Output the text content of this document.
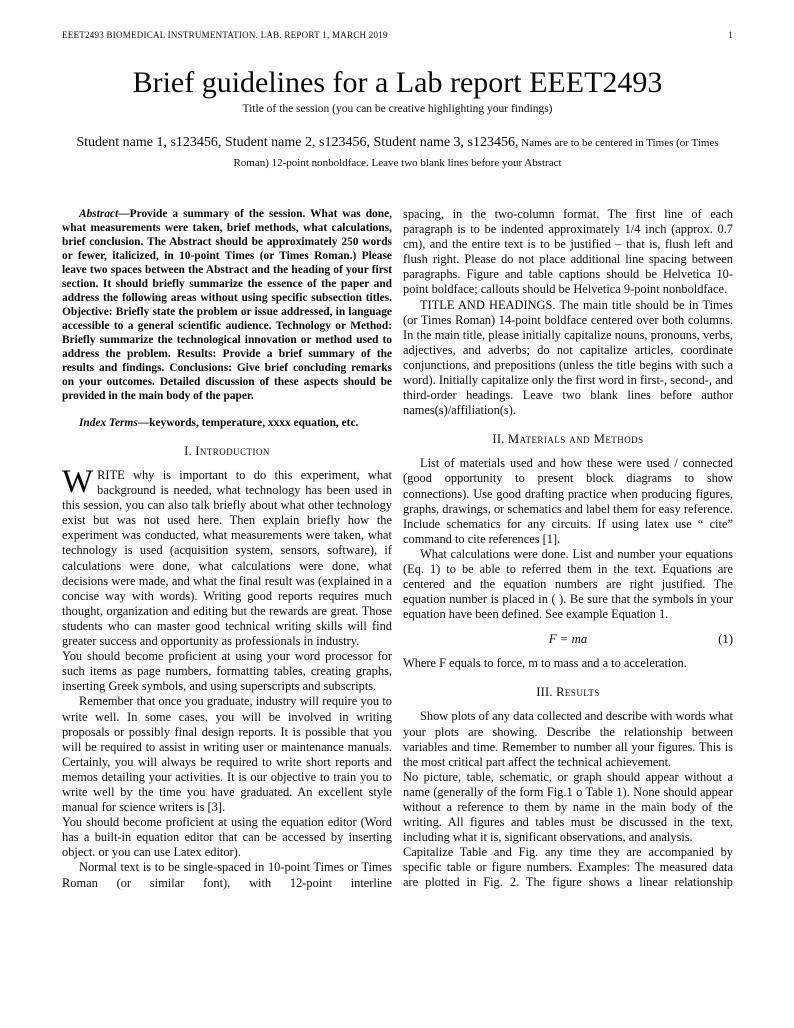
EEET2493 BIOMEDICAL INSTRUMENTATION. LAB. REPORT 1, MARCH 2019	1
Brief guidelines for a Lab report EEET2493
Title of the session (you can be creative highlighting your findings)
Student name 1, s123456, Student name 2, s123456, Student name 3, s123456, Names are to be centered in Times (or Times Roman) 12-point nonboldface. Leave two blank lines before your Abstract

Abstract—Provide a summary of the session. What was done, what measurements were taken, brief methods, what calculations, brief conclusion. The Abstract should be approximately 250 words or fewer, italicized, in 10-point Times (or Times Roman.) Please leave two spaces between the Abstract and the heading of your first section. It should briefly summarize the essence of the paper and address the following areas without using specific subsection titles. Objective: Briefly state the problem or issue addressed, in language accessible to a general scientific audience. Technology or Method: Briefly summarize the technological innovation or method used to address the problem. Results: Provide a brief summary of the results and findings. Conclusions: Give brief concluding remarks on your outcomes. Detailed discussion of these aspects should be provided in the main body of the paper.

Index Terms—keywords, temperature, xxxx equation, etc.

I. Introduction

WRITE why is important to do this experiment, what background is needed, what technology has been used in this session, you can also talk briefly about what other technology exist but was not used here. Then explain briefly how the experiment was conducted, what measurements were taken, what technology is used (acquisition system, sensors, software), if calculations were done, what calculations were done, what decisions were made, and what the final result was (explained in a concise way with words). Writing good reports requires much thought, organization and editing but the rewards are great. Those students who can master good technical writing skills will find greater success and opportunity as professionals in industry.

You should become proficient at using your word processor for such items as page numbers, formatting tables, creating graphs, inserting Greek symbols, and using superscripts and subscripts.

Remember that once you graduate, industry will require you to write well. In some cases, you will be involved in writing proposals or possibly final design reports. It is possible that you will be required to assist in writing user or maintenance manuals. Certainly, you will always be required to write short reports and memos detailing your activities. It is our objective to train you to write well by the time you have graduated. An excellent style manual for science writers is [3].

You should become proficient at using the equation editor (Word has a built-in equation editor that can be accessed by inserting object. or you can use Latex editor).

Normal text is to be single-spaced in 10-point Times or Times Roman (or similar font), with 12-point interline

spacing, in the two-column format. The first line of each paragraph is to be indented approximately 1/4 inch (approx. 0.7 cm), and the entire text is to be justified – that is, flush left and flush right. Please do not place additional line spacing between paragraphs. Figure and table captions should be Helvetica 10-point boldface; callouts should be Helvetica 9-point nonboldface.

TITLE AND HEADINGS. The main title should be in Times (or Times Roman) 14-point boldface centered over both columns. In the main title, please initially capitalize nouns, pronouns, verbs, adjectives, and adverbs; do not capitalize articles, coordinate conjunctions, and prepositions (unless the title begins with such a word). Initially capitalize only the first word in first-, second-, and third-order headings. Leave two blank lines before author names(s)/affiliation(s).

II. Materials and Methods

List of materials used and how these were used / connected (good opportunity to present block diagrams to show connections). Use good drafting practice when producing figures, graphs, drawings, or schematics and label them for easy reference. Include schematics for any circuits. If using latex use “ cite” command to cite references [1].

What calculations were done. List and number your equations (Eq. 1) to be able to referred them in the text. Equations are centered and the equation numbers are right justified. The equation number is placed in ( ). Be sure that the symbols in your equation have been defined. See example Equation 1.

F = ma	(1)

Where F equals to force, m to mass and a to acceleration.

III. Results

Show plots of any data collected and describe with words what your plots are showing. Describe the relationship between variables and time. Remember to number all your figures. This is the most critical part affect the technical achievement.

No picture, table, schematic, or graph should appear without a name (generally of the form Fig.1 o Table 1). None should appear without a reference to them by name in the main body of the writing. All figures and tables must be discussed in the text, including what it is, significant observations, and analysis.

Capitalize Table and Fig. any time they are accompanied by specific table or figure numbers. Examples: The measured data are plotted in Fig. 2. The figure shows a linear relationship
